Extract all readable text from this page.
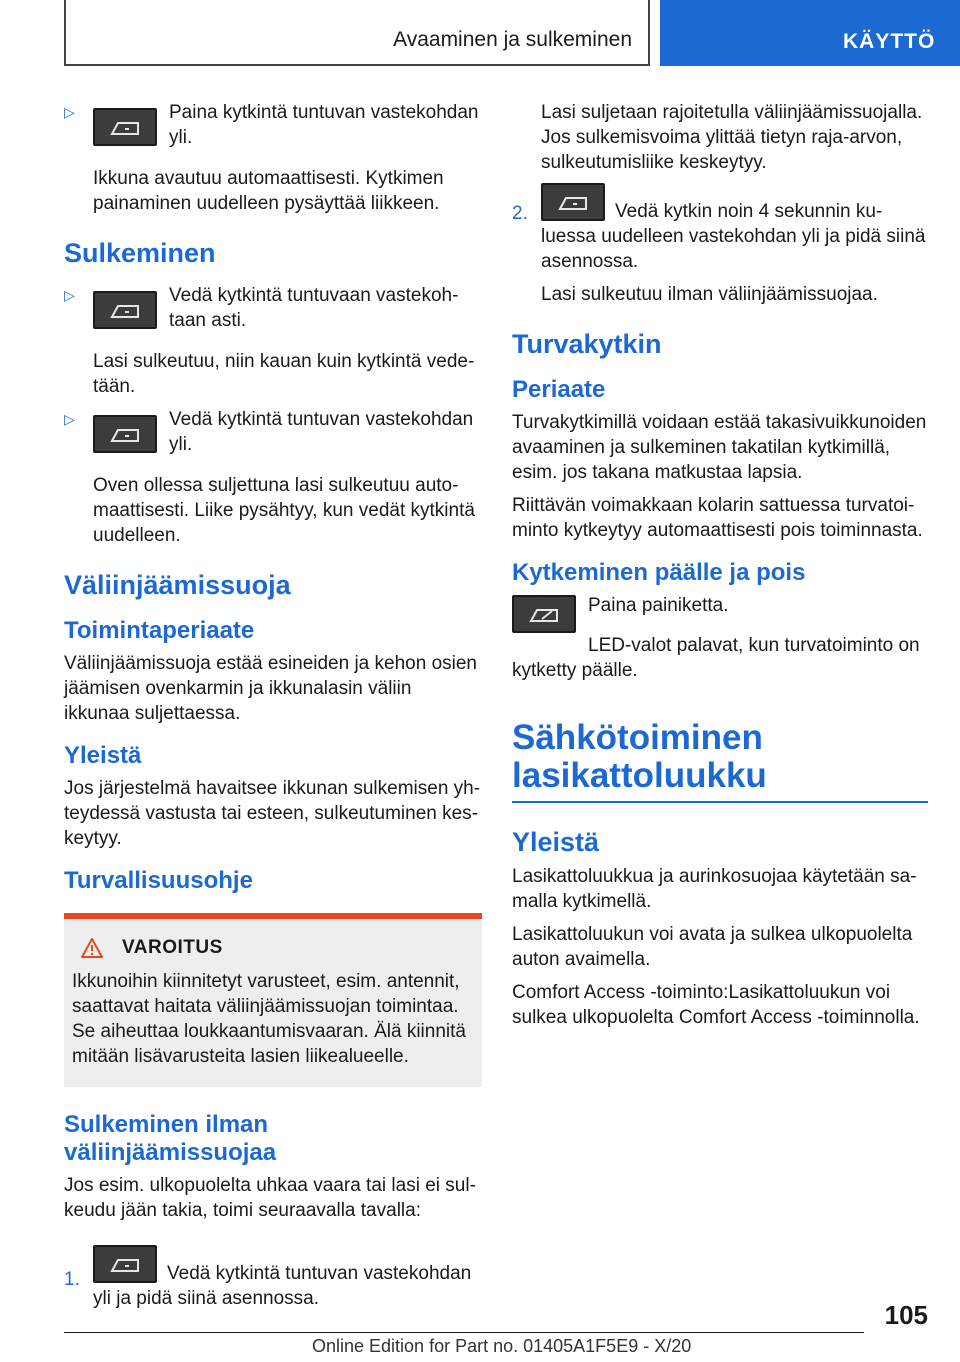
Avaaminen ja sulkeminen	KÄYTTÖ
▷	Paina kytkintä tuntuvan vastekohdan yli.

Ikkuna avautuu automaattisesti. Kytkimen painaminen uudelleen pysäyttää liikkeen.

Sulkeminen
▷	Vedä kytkintä tuntuvaan vastekohtaan asti.

Lasi sulkeutuu, niin kauan kuin kytkintä vedetään.

▷	Vedä kytkintä tuntuvan vastekohdan yli.

Oven ollessa suljettuna lasi sulkeutuu automaattisesti. Liike pysähtyy, kun vedät kytkintä uudelleen.

Väliinjäämissuoja
Toimintaperiaate

Väliinjäämissuoja estää esineiden ja kehon osien jäämisen ovenkarmin ja ikkunalasin väliin ikkunaa suljettaessa.

Yleistä

Jos järjestelmä havaitsee ikkunan sulkemisen yhteydessä vastusta tai esteen, sulkeutuminen keskeytyy.

Turvallisuusohje
VAROITUS

Ikkunoihin kiinnitetyt varusteet, esim. antennit, saattavat haitata väliinjäämissuojan toimintaa. Se aiheuttaa loukkaantumisvaaran. Älä kiinnitä mitään lisävarusteita lasien liikealueelle.

Sulkeminen ilman väliinjäämissuojaa

Jos esim. ulkopuolelta uhkaa vaara tai lasi ei sulkeudu jään takia, toimi seuraavalla tavalla:

1.	Vedä kytkintä tuntuvan vastekohdan yli ja pidä siinä asennossa.

Lasi suljetaan rajoitetulla väliinjäämissuojalla. Jos sulkemisvoima ylittää tietyn raja-arvon, sulkeutumisliike keskeytyy.

2.	Vedä kytkin noin 4 sekunnin kuluessa uudelleen vastekohdan yli ja pidä siinä asennossa.

Lasi sulkeutuu ilman väliinjäämissuojaa.

Turvakytkin
Periaate

Turvakytkimillä voidaan estää takasivuikkunoiden avaaminen ja sulkeminen takatilan kytkimillä, esim. jos takana matkustaa lapsia.

Riittävän voimakkaan kolarin sattuessa turvatoiminto kytkeytyy automaattisesti pois toiminnasta.

Kytkeminen päälle ja pois

Paina painiketta.

LED-valot palavat, kun turvatoiminto on kytketty päälle.

Sähkötoiminen lasikattoluukku
Yleistä

Lasikattoluukkua ja aurinkosuojaa käytetään samalla kytkimellä.

Lasikattoluukun voi avata ja sulkea ulkopuolelta auton avaimella.

Comfort Access -toiminto:Lasikattoluukun voi sulkea ulkopuolelta Comfort Access -toiminnolla.

105
Online Edition for Part no. 01405A1F5E9 - X/20
